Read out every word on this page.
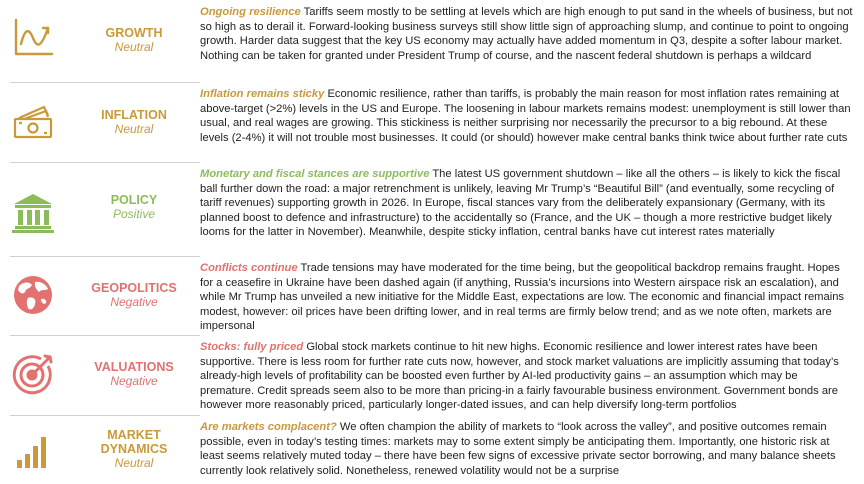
GROWTH
Neutral
Ongoing resilience Tariffs seem mostly to be settling at levels which are high enough to put sand in the wheels of business, but not so high as to derail it. Forward-looking business surveys still show little sign of approaching slump, and continue to point to ongoing growth. Harder data suggest that the key US economy may actually have added momentum in Q3, despite a softer labour market. Nothing can be taken for granted under President Trump of course, and the nascent federal shutdown is perhaps a wildcard
INFLATION
Neutral
Inflation remains sticky Economic resilience, rather than tariffs, is probably the main reason for most inflation rates remaining at above-target (>2%) levels in the US and Europe. The loosening in labour markets remains modest: unemployment is still lower than usual, and real wages are growing. This stickiness is neither surprising nor necessarily the precursor to a big rebound. At these levels (2-4%) it will not trouble most businesses. It could (or should) however make central banks think twice about further rate cuts
POLICY
Positive
Monetary and fiscal stances are supportive The latest US government shutdown – like all the others – is likely to kick the fiscal ball further down the road: a major retrenchment is unlikely, leaving Mr Trump’s “Beautiful Bill” (and eventually, some recycling of tariff revenues) supporting growth in 2026. In Europe, fiscal stances vary from the deliberately expansionary (Germany, with its planned boost to defence and infrastructure) to the accidentally so (France, and the UK – though a more restrictive budget likely looms for the latter in November). Meanwhile, despite sticky inflation, central banks have cut interest rates materially
GEOPOLITICS
Negative
Conflicts continue Trade tensions may have moderated for the time being, but the geopolitical backdrop remains fraught. Hopes for a ceasefire in Ukraine have been dashed again (if anything, Russia’s incursions into Western airspace risk an escalation), and while Mr Trump has unveiled a new initiative for the Middle East, expectations are low. The economic and financial impact remains modest, however: oil prices have been drifting lower, and in real terms are firmly below trend; and as we note often, markets are impersonal
VALUATIONS
Negative
Stocks: fully priced Global stock markets continue to hit new highs. Economic resilience and lower interest rates have been supportive. There is less room for further rate cuts now, however, and stock market valuations are implicitly assuming that today’s already-high levels of profitability can be boosted even further by AI-led productivity gains – an assumption which may be premature. Credit spreads seem also to be more than pricing-in a fairly favourable business environment. Government bonds are however more reasonably priced, particularly longer-dated issues, and can help diversify long-term portfolios
MARKET
DYNAMICS
Neutral
Are markets complacent? We often champion the ability of markets to “look across the valley”, and positive outcomes remain possible, even in today’s testing times: markets may to some extent simply be anticipating them. Importantly, one historic risk at least seems relatively muted today – there have been few signs of excessive private sector borrowing, and many balance sheets currently look relatively solid. Nonetheless, renewed volatility would not be a surprise
